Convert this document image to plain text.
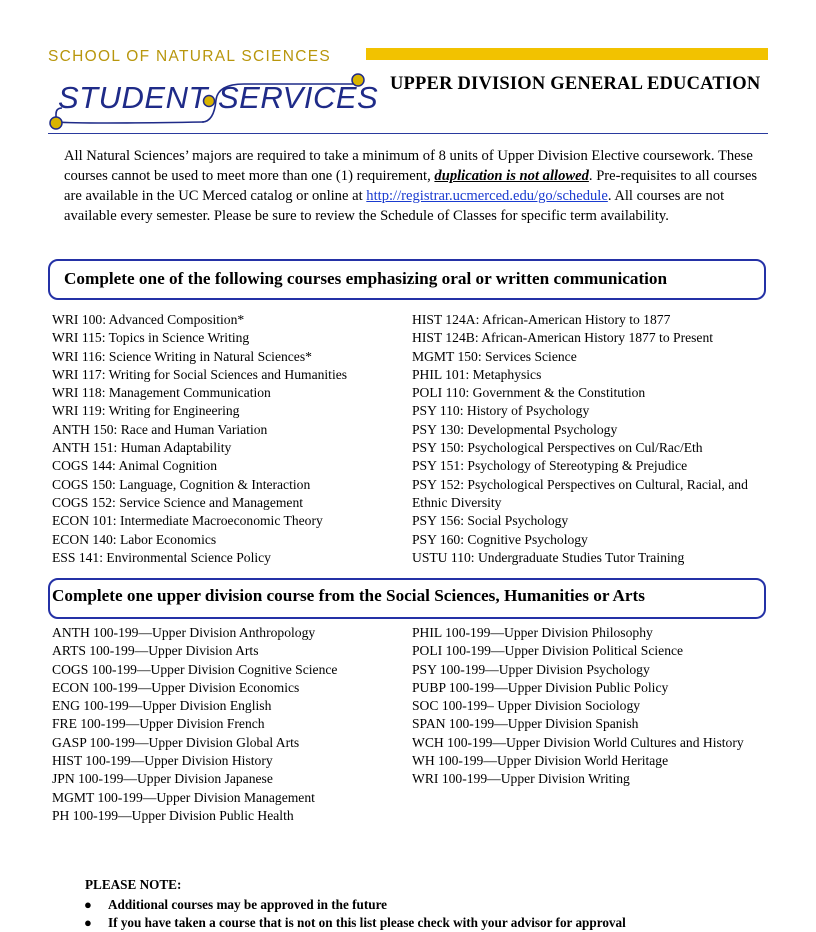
SCHOOL OF NATURAL SCIENCES
STUDENT SERVICES UPPER DIVISION GENERAL EDUCATION
All Natural Sciences’ majors are required to take a minimum of 8 units of Upper Division Elective coursework. These courses cannot be used to meet more than one (1) requirement, duplication is not allowed. Pre-requisites to all courses are available in the UC Merced catalog or online at http://registrar.ucmerced.edu/go/schedule. All courses are not available every semester. Please be sure to review the Schedule of Classes for specific term availability.
Complete one of the following courses emphasizing oral or written communication
WRI 100: Advanced Composition*
WRI 115: Topics in Science Writing
WRI 116: Science Writing in Natural Sciences*
WRI 117: Writing for Social Sciences and Humanities
WRI 118: Management Communication
WRI 119: Writing for Engineering
ANTH 150: Race and Human Variation
ANTH 151: Human Adaptability
COGS 144: Animal Cognition
COGS 150: Language, Cognition & Interaction
COGS 152: Service Science and Management
ECON 101: Intermediate Macroeconomic Theory
ECON 140: Labor Economics
ESS 141: Environmental Science Policy
HIST 124A: African-American History to 1877
HIST 124B: African-American History 1877 to Present
MGMT 150: Services Science
PHIL 101: Metaphysics
POLI 110: Government & the Constitution
PSY 110: History of Psychology
PSY 130: Developmental Psychology
PSY 150: Psychological Perspectives on Cul/Rac/Eth
PSY 151: Psychology of Stereotyping & Prejudice
PSY 152: Psychological Perspectives on Cultural, Racial, and Ethnic Diversity
PSY 156: Social Psychology
PSY 160: Cognitive Psychology
USTU 110: Undergraduate Studies Tutor Training
Complete one upper division course from the Social Sciences, Humanities or Arts
ANTH 100-199—Upper Division Anthropology
ARTS 100-199—Upper Division Arts
COGS 100-199—Upper Division Cognitive Science
ECON 100-199—Upper Division Economics
ENG 100-199—Upper Division English
FRE 100-199—Upper Division French
GASP 100-199—Upper Division Global Arts
HIST 100-199—Upper Division History
JPN 100-199—Upper Division Japanese
MGMT 100-199—Upper Division Management
PH 100-199—Upper Division Public Health
PHIL 100-199—Upper Division Philosophy
POLI 100-199—Upper Division Political Science
PSY 100-199—Upper Division Psychology
PUBP 100-199—Upper Division Public Policy
SOC 100-199– Upper Division Sociology
SPAN 100-199—Upper Division Spanish
WCH 100-199—Upper Division World Cultures and History
WH 100-199—Upper Division World Heritage
WRI 100-199—Upper Division Writing
PLEASE NOTE:
● Additional courses may be approved in the future
● If you have taken a course that is not on this list please check with your advisor for approval
